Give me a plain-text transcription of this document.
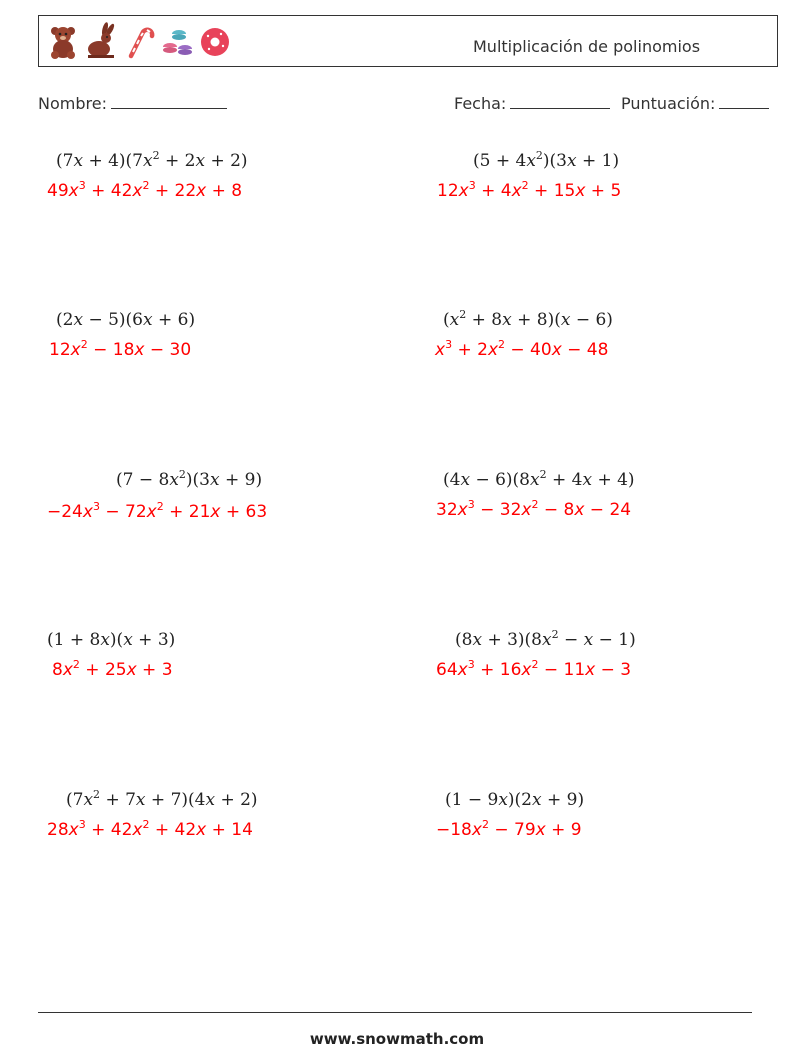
Multiplicación de polinomios
Nombre:	Fecha:	Puntuación:
$(7x + 4)(7x^2 + 2x + 2)$
$49x^3 + 42x^2 + 22x + 8$
$(5 + 4x^2)(3x + 1)$
$12x^3 + 4x^2 + 15x + 5$
(2x − 5)(6x + 6)
$12x^2 - 18x - 30$
$(x^2 + 8x + 8)(x - 6)$
$x^3 + 2x^2 - 40x - 48$
$(7 - 8x^2)(3x + 9)$
$-24x^3 - 72x^2 + 21x + 63$
$(4x - 6)(8x^2 + 4x + 4)$
$32x^3 - 32x^2 - 8x - 24$
(1 + 8x)(x + 3)
$8x^2 + 25x + 3$
$(8x + 3)(8x^2 - x - 1)$
$64x^3 + 16x^2 - 11x - 3$
$(7x^2 + 7x + 7)(4x + 2)$
$28x^3 + 42x^2 + 42x + 14$
(1 − 9x)(2x + 9)
$-18x^2 - 79x + 9$
www.snowmath.com
